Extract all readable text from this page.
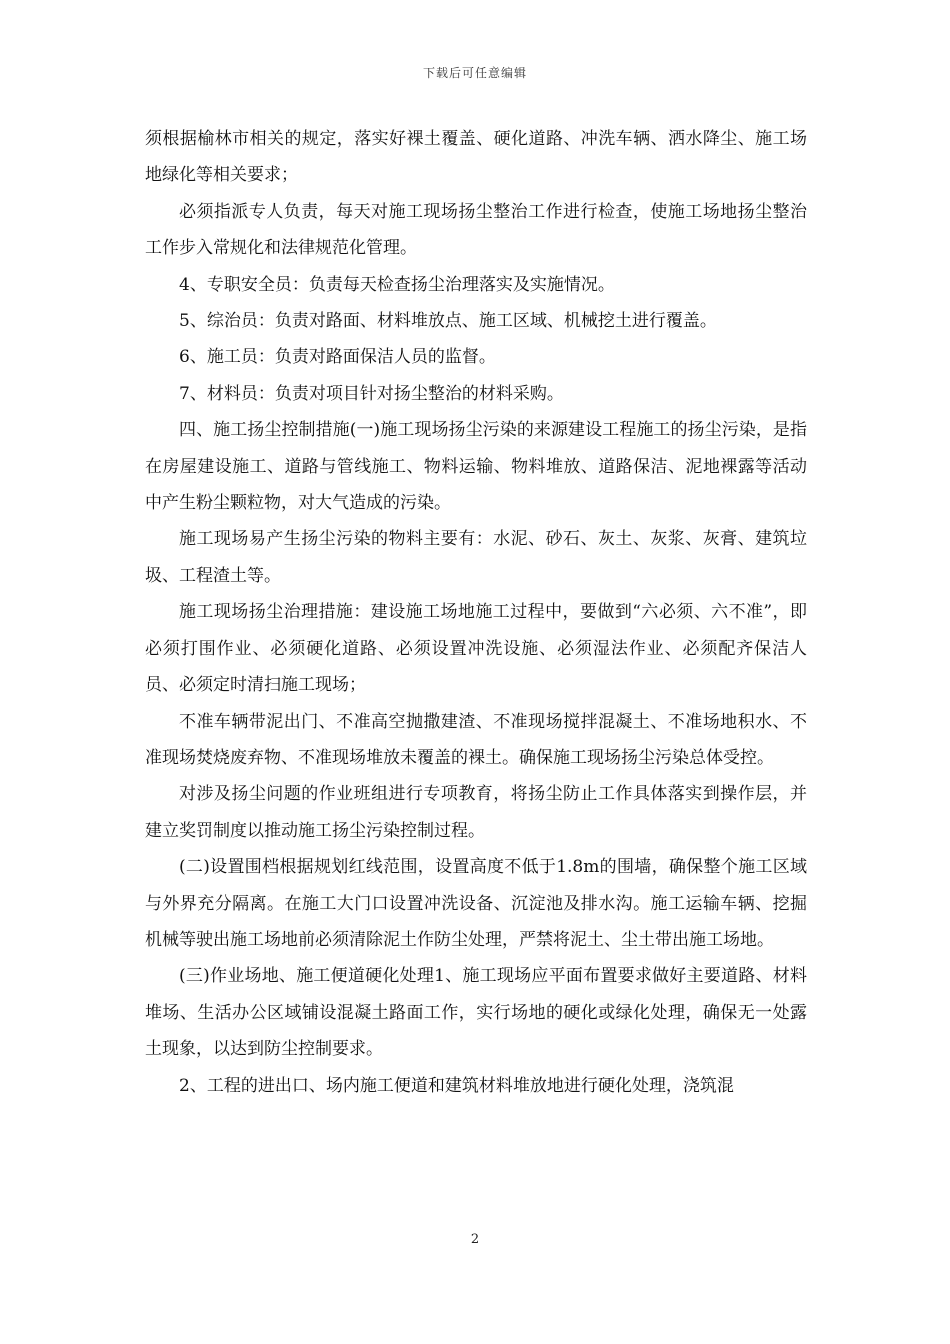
下载后可任意编辑

须根据榆林市相关的规定，落实好裸土覆盖、硬化道路、冲洗车辆、洒水降尘、施工场地绿化等相关要求；

必须指派专人负责，每天对施工现场扬尘整治工作进行检查，使施工场地扬尘整治工作步入常规化和法律规范化管理。

4、专职安全员：负责每天检查扬尘治理落实及实施情况。

5、综治员：负责对路面、材料堆放点、施工区域、机械挖土进行覆盖。

6、施工员：负责对路面保洁人员的监督。

7、材料员：负责对项目针对扬尘整治的材料采购。

四、施工扬尘控制措施(一)施工现场扬尘污染的来源建设工程施工的扬尘污染，是指在房屋建设施工、道路与管线施工、物料运输、物料堆放、道路保洁、泥地裸露等活动中产生粉尘颗粒物，对大气造成的污染。

施工现场易产生扬尘污染的物料主要有：水泥、砂石、灰土、灰浆、灰膏、建筑垃圾、工程渣土等。

施工现场扬尘治理措施：建设施工场地施工过程中，要做到“六必须、六不准”，即必须打围作业、必须硬化道路、必须设置冲洗设施、必须湿法作业、必须配齐保洁人员、必须定时清扫施工现场；

不准车辆带泥出门、不准高空抛撒建渣、不准现场搅拌混凝土、不准场地积水、不准现场焚烧废弃物、不准现场堆放未覆盖的裸土。确保施工现场扬尘污染总体受控。

对涉及扬尘问题的作业班组进行专项教育，将扬尘防止工作具体落实到操作层，并建立奖罚制度以推动施工扬尘污染控制过程。

(二)设置围档根据规划红线范围，设置高度不低于1.8m的围墙，确保整个施工区域与外界充分隔离。在施工大门口设置冲洗设备、沉淀池及排水沟。施工运输车辆、挖掘机械等驶出施工场地前必须清除泥土作防尘处理，严禁将泥土、尘土带出施工场地。

(三)作业场地、施工便道硬化处理1、施工现场应平面布置要求做好主要道路、材料堆场、生活办公区域铺设混凝土路面工作，实行场地的硬化或绿化处理，确保无一处露土现象，以达到防尘控制要求。

2、工程的进出口、场内施工便道和建筑材料堆放地进行硬化处理，浇筑混

2
